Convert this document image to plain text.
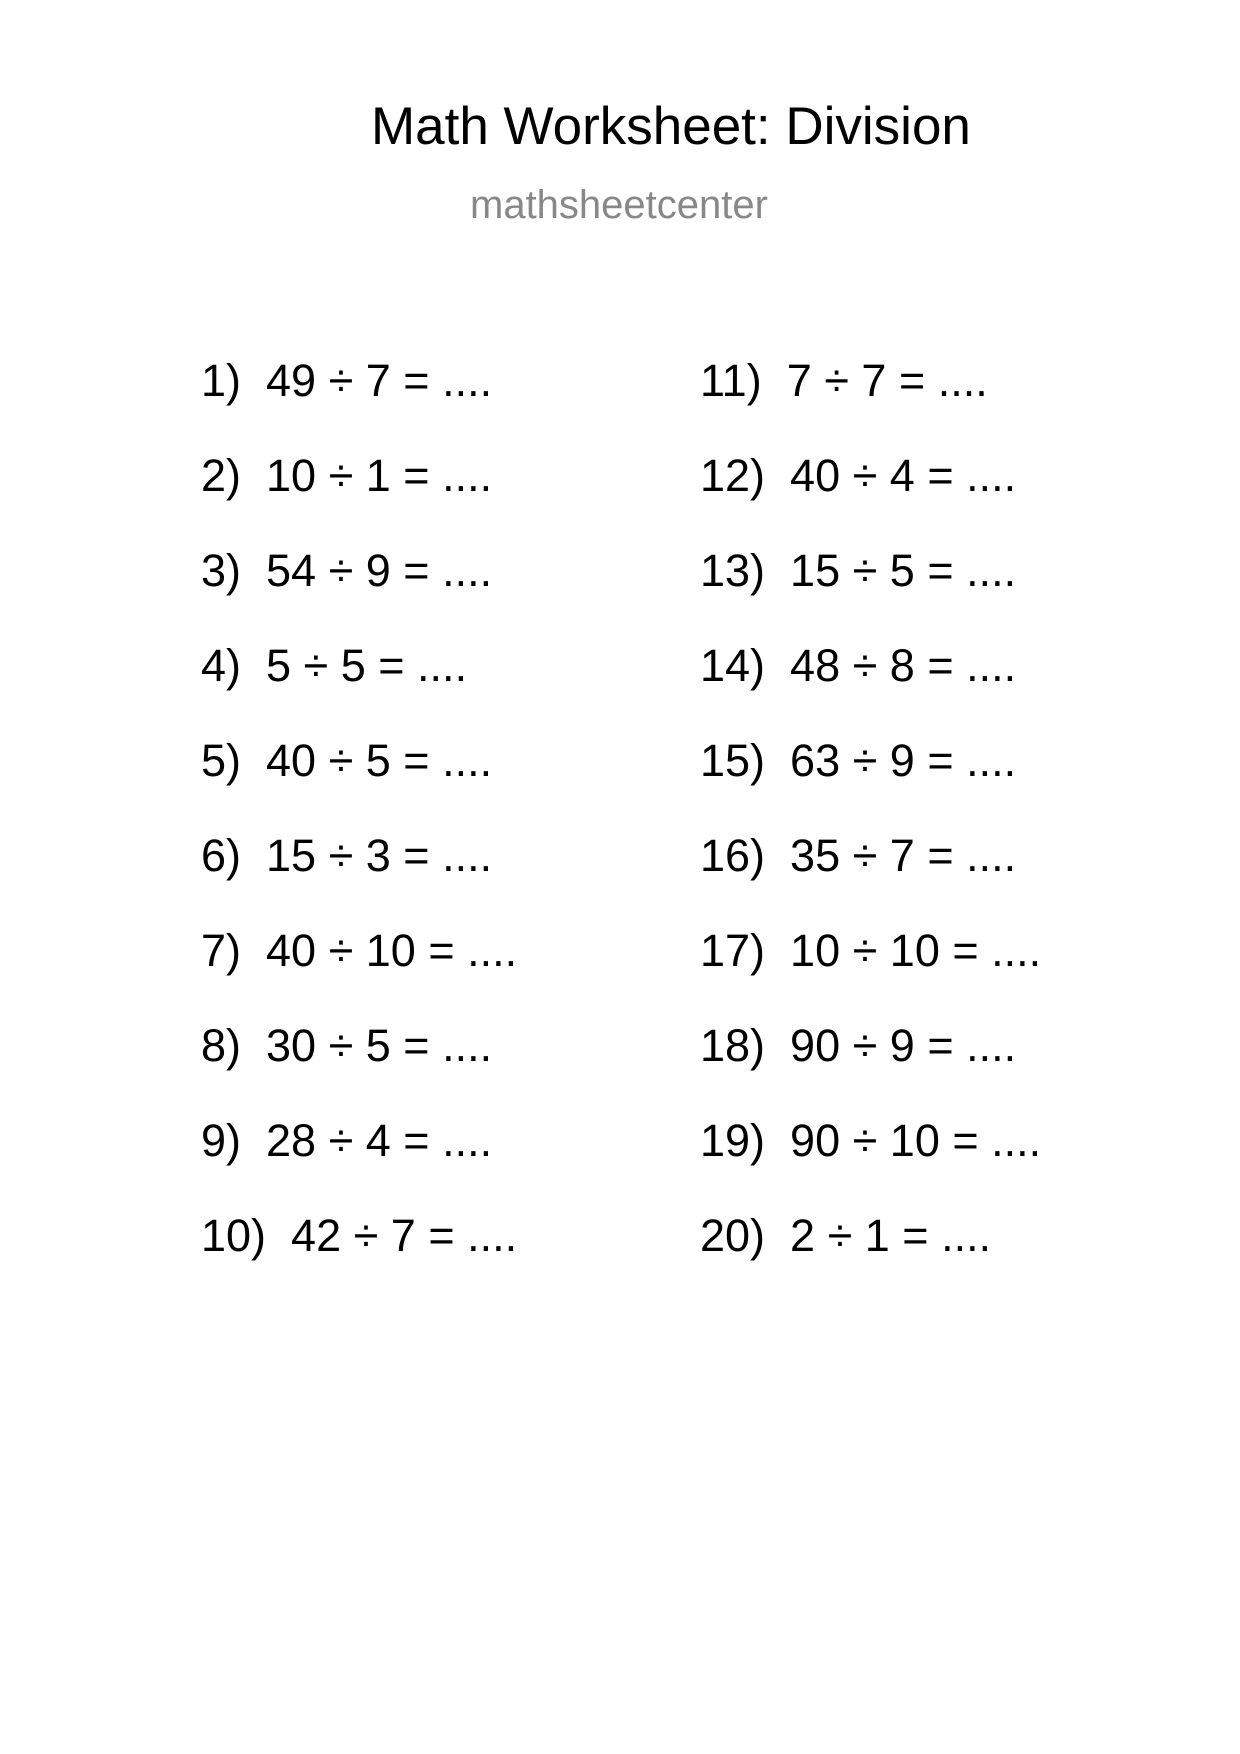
Math Worksheet: Division
mathsheetcenter
1)  49 ÷ 7 = ....
2)  10 ÷ 1 = ....
3)  54 ÷ 9 = ....
4)  5 ÷ 5 = ....
5)  40 ÷ 5 = ....
6)  15 ÷ 3 = ....
7)  40 ÷ 10 = ....
8)  30 ÷ 5 = ....
9)  28 ÷ 4 = ....
10)  42 ÷ 7 = ....
11)  7 ÷ 7 = ....
12)  40 ÷ 4 = ....
13)  15 ÷ 5 = ....
14)  48 ÷ 8 = ....
15)  63 ÷ 9 = ....
16)  35 ÷ 7 = ....
17)  10 ÷ 10 = ....
18)  90 ÷ 9 = ....
19)  90 ÷ 10 = ....
20)  2 ÷ 1 = ....
